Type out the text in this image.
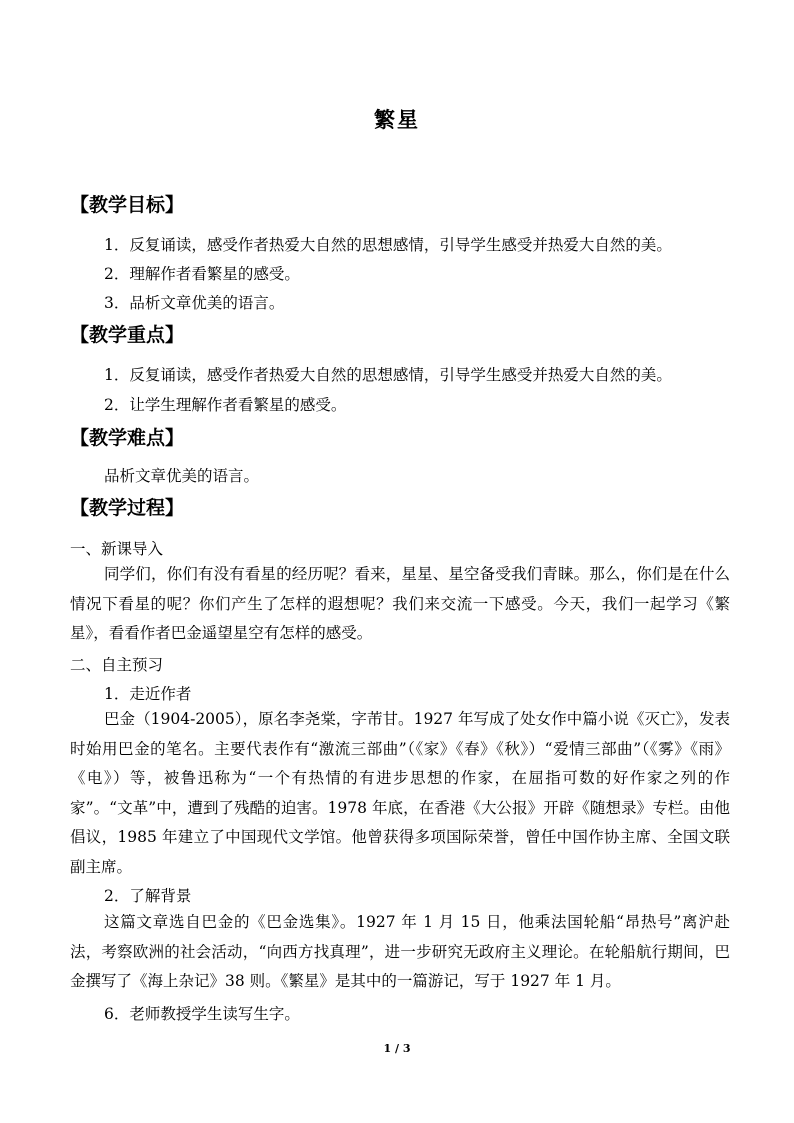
繁星
【教学目标】
1．反复诵读，感受作者热爱大自然的思想感情，引导学生感受并热爱大自然的美。
2．理解作者看繁星的感受。
3．品析文章优美的语言。
【教学重点】
1．反复诵读，感受作者热爱大自然的思想感情，引导学生感受并热爱大自然的美。
2．让学生理解作者看繁星的感受。
【教学难点】
品析文章优美的语言。
【教学过程】
一、新课导入
同学们，你们有没有看星的经历呢？看来，星星、星空备受我们青睐。那么，你们是在什么情况下看星的呢？你们产生了怎样的遐想呢？我们来交流一下感受。今天，我们一起学习《繁星》，看看作者巴金遥望星空有怎样的感受。
二、自主预习
1．走近作者
巴金（1904-2005），原名李尧棠，字芾甘。1927 年写成了处女作中篇小说《灭亡》，发表时始用巴金的笔名。主要代表作有“激流三部曲”（《家》《春》《秋》）“爱情三部曲”（《雾》《雨》《电》）等，被鲁迅称为“一个有热情的有进步思想的作家，在屈指可数的好作家之列的作家”。“文革”中，遭到了残酷的迫害。1978 年底，在香港《大公报》开辟《随想录》专栏。由他倡议，1985 年建立了中国现代文学馆。他曾获得多项国际荣誉，曾任中国作协主席、全国文联副主席。
2．了解背景
这篇文章选自巴金的《巴金选集》。1927 年 1 月 15 日，他乘法国轮船“昂热号”离沪赴法，考察欧洲的社会活动，“向西方找真理”，进一步研究无政府主义理论。在轮船航行期间，巴金撰写了《海上杂记》38 则。《繁星》是其中的一篇游记，写于 1927 年 1 月。
6．老师教授学生读写生字。
1 / 3
